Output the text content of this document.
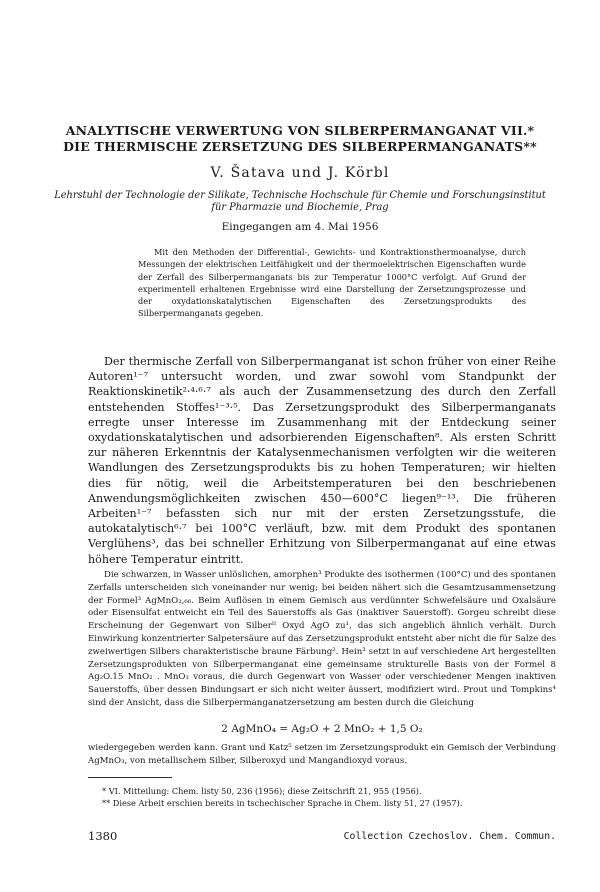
ANALYTISCHE VERWERTUNG VON SILBERPERMANGANAT VII.*
DIE THERMISCHE ZERSETZUNG DES SILBERPERMANGANATS**
V. Šatava und J. Körbl
Lehrstuhl der Technologie der Silikate, Technische Hochschule für Chemie und Forschungsinstitut
für Pharmazie und Biochemie, Prag
Eingegangen am 4. Mai 1956

Mit den Methoden der Differential-, Gewichts- und Kontraktionsthermoanalyse, durch Messungen der elektrischen Leitfähigkeit und der thermoelektrischen Eigenschaften wurde der Zerfall des Silberpermanganats bis zur Temperatur 1000°C verfolgt. Auf Grund der experimentell erhaltenen Ergebnisse wird eine Darstellung der Zersetzungsprozesse und der oxydationskatalytischen Eigenschaften des Zersetzungsprodukts des Silberpermanganats gegeben.

Der thermische Zerfall von Silberpermanganat ist schon früher von einer Reihe Autoren¹⁻⁷ untersucht worden, und zwar sowohl vom Standpunkt der Reaktionskinetik²·⁴·⁶·⁷ als auch der Zusammensetzung des durch den Zerfall entstehenden Stoffes¹⁻³·⁵. Das Zersetzungsprodukt des Silberpermanganats erregte unser Interesse im Zusammenhang mit der Entdeckung seiner oxydationskatalytischen und adsorbierenden Eigenschaften⁸. Als ersten Schritt zur näheren Erkenntnis der Katalysenmechanismen verfolgten wir die weiteren Wandlungen des Zersetzungsprodukts bis zu hohen Temperaturen; wir hielten dies für nötig, weil die Arbeitstemperaturen bei den beschriebenen Anwendungsmöglichkeiten zwischen 450—600°C liegen⁹⁻¹³. Die früheren Arbeiten¹⁻⁷ befassten sich nur mit der ersten Zersetzungsstufe, die autokatalytisch⁶·⁷ bei 100°C verläuft, bzw. mit dem Produkt des spontanen Verglühens³, das bei schneller Erhitzung von Silberpermanganat auf eine etwas höhere Temperatur eintritt.

Die schwarzen, in Wasser unlöslichen, amorphen³ Produkte des isothermen (100°C) und des spontanen Zerfalls unterscheiden sich voneinander nur wenig; bei beiden nähert sich die Gesamtzusammensetzung der Formel³ AgMnO₂,₆₆. Beim Auflösen in einem Gemisch aus verdünnter Schwefelsäure und Oxalsäure oder Eisensulfat entweicht ein Teil des Sauerstoffs als Gas (inaktiver Sauerstoff). Gorgeu schreibt diese Erscheinung der Gegenwart von Silberᴵᴵ Oxyd AgO zu¹, das sich angeblich ähnlich verhält. Durch Einwirkung konzentrierter Salpetersäure auf das Zersetzungsprodukt entsteht aber nicht die für Salze des zweiwertigen Silbers charakteristische braune Färbung². Hein³ setzt in auf verschiedene Art hergestellten Zersetzungsprodukten von Silberpermanganat eine gemeinsame strukturelle Basis von der Formel 8 Ag₂O.15 MnO₂ . MnO₃ voraus, die durch Gegenwart von Wasser oder verschiedener Mengen inaktiven Sauerstoffs, über dessen Bindungsart er sich nicht weiter äussert, modifiziert wird. Prout und Tompkins⁴ sind der Ansicht, dass die Silberpermanganatzersetzung am besten durch die Gleichung

2 AgMnO₄ = Ag₂O + 2 MnO₂ + 1,5 O₂

wiedergegeben werden kann. Grant und Katz⁵ setzen im Zersetzungsprodukt ein Gemisch der Verbindung AgMnO₃, von metallischem Silber, Silberoxyd und Mangandioxyd voraus.

* VI. Mitteilung: Chem. listy 50, 236 (1956); diese Zeitschrift 21, 955 (1956).

** Diese Arbeit erschien bereits in tschechischer Sprache in Chem. listy 51, 27 (1957).

1380	Collection Czechoslov. Chem. Commun.
